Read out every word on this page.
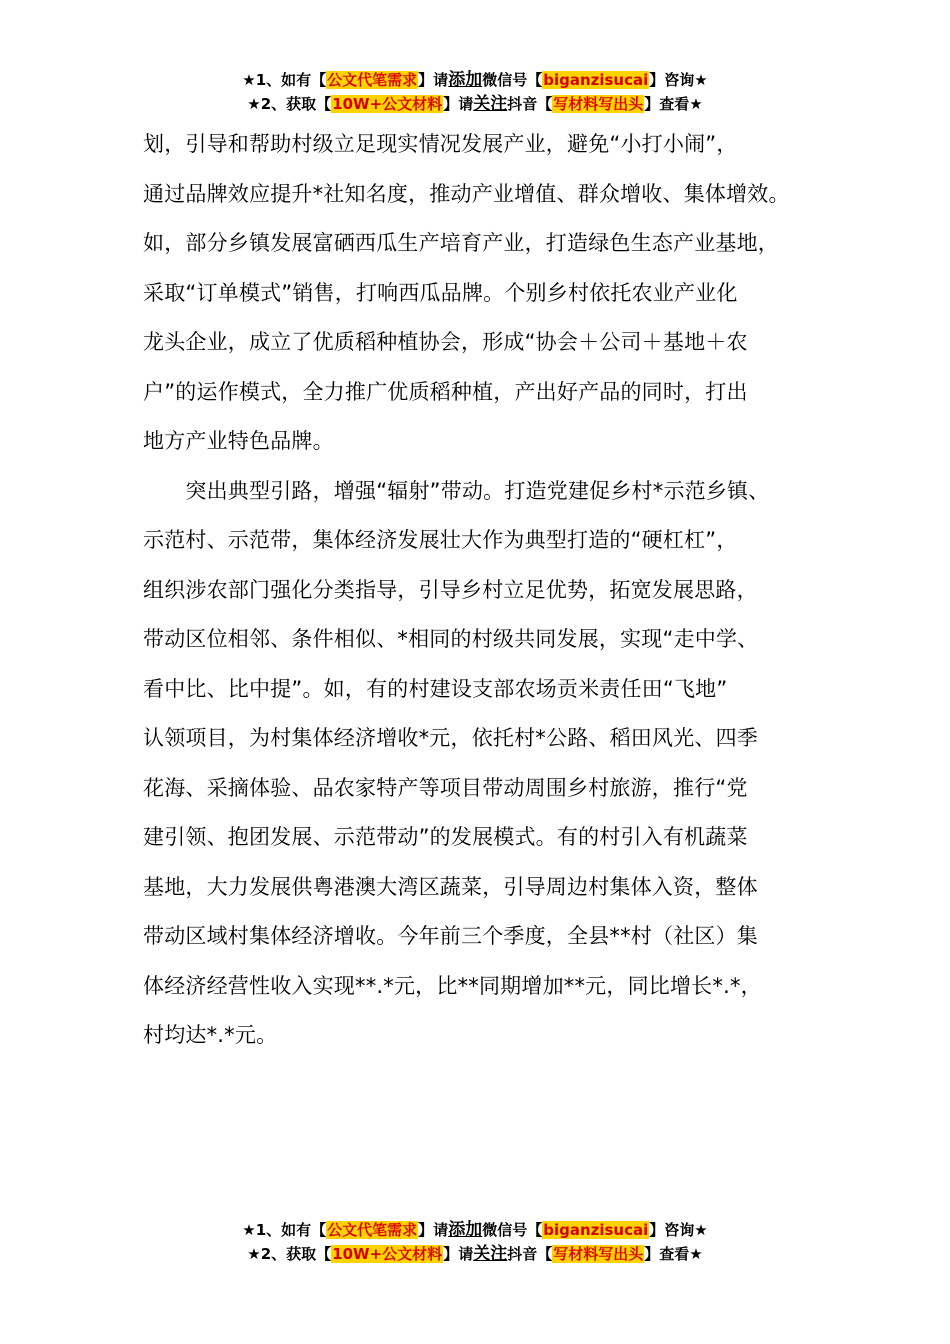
★1、如有【公文代笔需求】请添加微信号【biganzisucai】咨询★
★2、获取【10W+公文材料】请关注抖音【写材料写出头】查看★
划，引导和帮助村级立足现实情况发展产业，避免“小打小闹”，
通过品牌效应提升*社知名度，推动产业增值、群众增收、集体增效。
如，部分乡镇发展富硒西瓜生产培育产业，打造绿色生态产业基地，
采取“订单模式”销售，打响西瓜品牌。个别乡村依托农业产业化
龙头企业，成立了优质稻种植协会，形成“协会＋公司＋基地＋农
户”的运作模式，全力推广优质稻种植，产出好产品的同时，打出
地方产业特色品牌。
　　突出典型引路，增强“辐射”带动。打造党建促乡村*示范乡镇、
示范村、示范带，集体经济发展壮大作为典型打造的“硬杠杠”，
组织涉农部门强化分类指导，引导乡村立足优势，拓宽发展思路，
带动区位相邻、条件相似、*相同的村级共同发展，实现“走中学、
看中比、比中提”。如，有的村建设支部农场贡米责任田“飞地”
认领项目，为村集体经济增收*元，依托村*公路、稻田风光、四季
花海、采摘体验、品农家特产等项目带动周围乡村旅游，推行“党
建引领、抱团发展、示范带动”的发展模式。有的村引入有机蔬菜
基地，大力发展供粤港澳大湾区蔬菜，引导周边村集体入资，整体
带动区域村集体经济增收。今年前三个季度，全县**村（社区）集
体经济经营性收入实现**.*元，比**同期增加**元，同比增长*.*，
村均达*.*元。
★1、如有【公文代笔需求】请添加微信号【biganzisucai】咨询★
★2、获取【10W+公文材料】请关注抖音【写材料写出头】查看★
